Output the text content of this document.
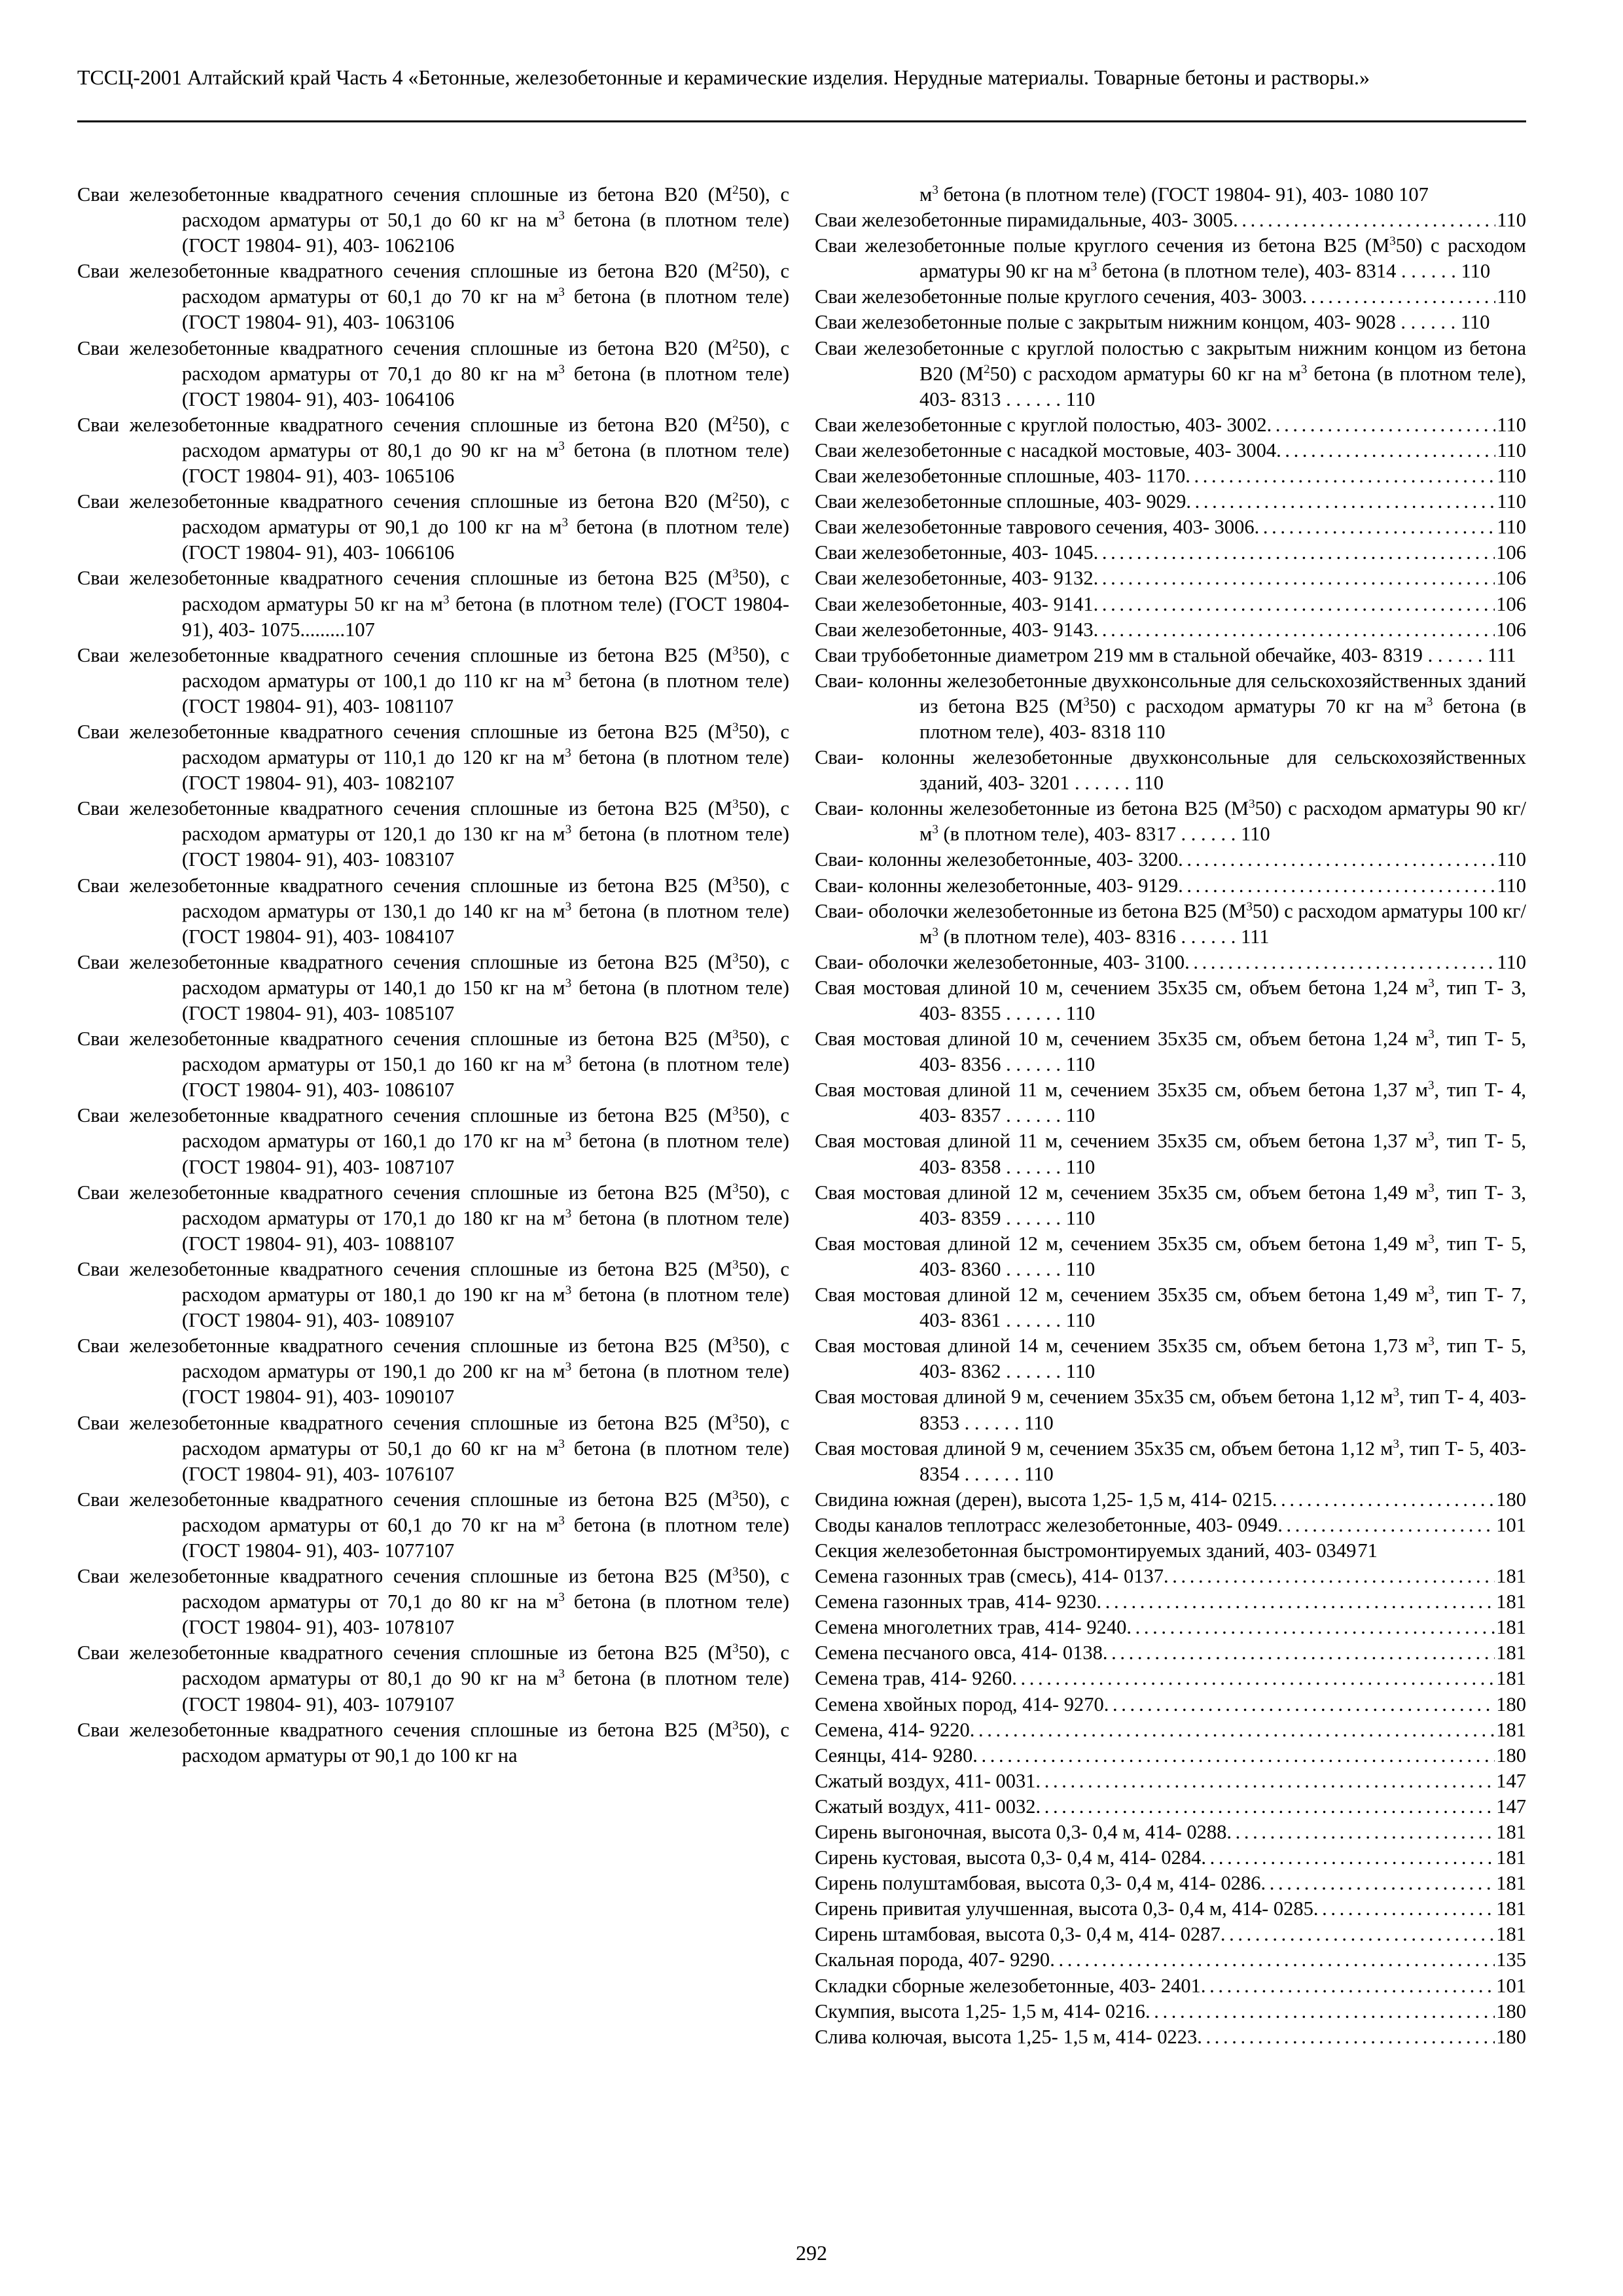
ТССЦ-2001 Алтайский край Часть 4 «Бетонные, железобетонные и керамические изделия. Нерудные материалы. Товарные бетоны и растворы.»
Сваи железобетонные квадратного сечения сплошные из бетона В20 $(М^250)$, с расходом арматуры от 50,1 до 60 кг на $м^3$ бетона (в плотном теле) (ГОСТ 19804- 91), 403- 1062106
Сваи железобетонные квадратного сечения сплошные из бетона В20 $(М^250)$, с расходом арматуры от 60,1 до 70 кг на $м^3$ бетона (в плотном теле) (ГОСТ 19804- 91), 403- 1063106
Сваи железобетонные квадратного сечения сплошные из бетона В20 $(М^250)$, с расходом арматуры от 70,1 до 80 кг на $м^3$ бетона (в плотном теле) (ГОСТ 19804- 91), 403- 1064106
Сваи железобетонные квадратного сечения сплошные из бетона В20 $(М^250)$, с расходом арматуры от 80,1 до 90 кг на $м^3$ бетона (в плотном теле) (ГОСТ 19804- 91), 403- 1065106
Сваи железобетонные квадратного сечения сплошные из бетона В20 $(М^250)$, с расходом арматуры от 90,1 до 100 кг на $м^3$ бетона (в плотном теле) (ГОСТ 19804- 91), 403- 1066106
Сваи железобетонные квадратного сечения сплошные из бетона В25 $(М^350)$, с расходом арматуры 50 кг на $м^3$ бетона (в плотном теле) (ГОСТ 19804- 91), 403- 1075.........107
Сваи железобетонные квадратного сечения сплошные из бетона В25 $(М^350)$, с расходом арматуры от 100,1 до 110 кг на $м^3$ бетона (в плотном теле) (ГОСТ 19804- 91), 403- 1081107
Сваи железобетонные квадратного сечения сплошные из бетона В25 $(М^350)$, с расходом арматуры от 110,1 до 120 кг на $м^3$ бетона (в плотном теле) (ГОСТ 19804- 91), 403- 1082107
Сваи железобетонные квадратного сечения сплошные из бетона В25 $(М^350)$, с расходом арматуры от 120,1 до 130 кг на $м^3$ бетона (в плотном теле) (ГОСТ 19804- 91), 403- 1083107
Сваи железобетонные квадратного сечения сплошные из бетона В25 $(М^350)$, с расходом арматуры от 130,1 до 140 кг на $м^3$ бетона (в плотном теле) (ГОСТ 19804- 91), 403- 1084107
Сваи железобетонные квадратного сечения сплошные из бетона В25 $(М^350)$, с расходом арматуры от 140,1 до 150 кг на $м^3$ бетона (в плотном теле) (ГОСТ 19804- 91), 403- 1085107
Сваи железобетонные квадратного сечения сплошные из бетона В25 $(М^350)$, с расходом арматуры от 150,1 до 160 кг на $м^3$ бетона (в плотном теле) (ГОСТ 19804- 91), 403- 1086107
Сваи железобетонные квадратного сечения сплошные из бетона В25 $(М^350)$, с расходом арматуры от 160,1 до 170 кг на $м^3$ бетона (в плотном теле) (ГОСТ 19804- 91), 403- 1087107
Сваи железобетонные квадратного сечения сплошные из бетона В25 $(М^350)$, с расходом арматуры от 170,1 до 180 кг на $м^3$ бетона (в плотном теле) (ГОСТ 19804- 91), 403- 1088107
Сваи железобетонные квадратного сечения сплошные из бетона В25 $(М^350)$, с расходом арматуры от 180,1 до 190 кг на $м^3$ бетона (в плотном теле) (ГОСТ 19804- 91), 403- 1089107
Сваи железобетонные квадратного сечения сплошные из бетона В25 $(М^350)$, с расходом арматуры от 190,1 до 200 кг на $м^3$ бетона (в плотном теле) (ГОСТ 19804- 91), 403- 1090107
Сваи железобетонные квадратного сечения сплошные из бетона В25 $(М^350)$, с расходом арматуры от 50,1 до 60 кг на $м^3$ бетона (в плотном теле) (ГОСТ 19804- 91), 403- 1076107
Сваи железобетонные квадратного сечения сплошные из бетона В25 $(М^350)$, с расходом арматуры от 60,1 до 70 кг на $м^3$ бетона (в плотном теле) (ГОСТ 19804- 91), 403- 1077107
Сваи железобетонные квадратного сечения сплошные из бетона В25 $(М^350)$, с расходом арматуры от 70,1 до 80 кг на $м^3$ бетона (в плотном теле) (ГОСТ 19804- 91), 403- 1078107
Сваи железобетонные квадратного сечения сплошные из бетона В25 $(М^350)$, с расходом арматуры от 80,1 до 90 кг на $м^3$ бетона (в плотном теле) (ГОСТ 19804- 91), 403- 1079107
Сваи железобетонные квадратного сечения сплошные из бетона В25 $(М^350)$, с расходом арматуры от 90,1 до 100 кг на
$м^3$ бетона (в плотном теле) (ГОСТ 19804- 91), 403- 1080 107
Сваи железобетонные пирамидальные, 403- 3005 . . .	110
Сваи железобетонные полые круглого сечения из бетона В25 $(М^350)$ с расходом арматуры 90 кг на $м^3$ бетона (в плотном теле), 403- 8314 . . . . . . 110
Сваи железобетонные полые круглого сечения, 403- 3003 . . .	110
Сваи железобетонные полые с закрытым нижним концом, 403- 9028 . . . . . . 110
Сваи железобетонные с круглой полостью с закрытым нижним концом из бетона В20 $(М^250)$ с расходом арматуры 60 кг на $м^3$ бетона (в плотном теле), 403- 8313 . . . . . . 110
Сваи железобетонные с круглой полостью, 403- 3002 . . .	110
Сваи железобетонные с насадкой мостовые, 403- 3004 . . .	110
Сваи железобетонные сплошные, 403- 1170 . . .	110
Сваи железобетонные сплошные, 403- 9029 . . .	110
Сваи железобетонные таврового сечения, 403- 3006 . . .	110
Сваи железобетонные, 403- 1045 . . .	106
Сваи железобетонные, 403- 9132 . . .	106
Сваи железобетонные, 403- 9141 . . .	106
Сваи железобетонные, 403- 9143 . . .	106
Сваи трубобетонные диаметром 219 мм в стальной обечайке, 403- 8319 . . . . . . 111
Сваи- колонны железобетонные двухконсольные для сельскохозяйственных зданий из бетона В25 $(М^350)$ с расходом арматуры 70 кг на $м^3$ бетона (в плотном теле), 403- 8318 110
Сваи- колонны железобетонные двухконсольные для сельскохозяйственных зданий, 403- 3201 . . . . . . 110
Сваи- колонны железобетонные из бетона В25 $(М^350)$ с расходом арматуры 90 $кг/м^3$ (в плотном теле), 403- 8317 . . . . . . 110
Сваи- колонны железобетонные, 403- 3200 . . .	110
Сваи- колонны железобетонные, 403- 9129 . . .	110
Сваи- оболочки железобетонные из бетона В25 $(М^350)$ с расходом арматуры 100 $кг/м^3$ (в плотном теле), 403- 8316 . . . . . . 111
Сваи- оболочки железобетонные, 403- 3100 . . .	110
Свая мостовая длиной 10 м, сечением 35х35 см, объем бетона 1,24 $м^3$, тип Т- 3, 403- 8355 . . . . . . 110
Свая мостовая длиной 10 м, сечением 35х35 см, объем бетона 1,24 $м^3$, тип Т- 5, 403- 8356 . . . . . . 110
Свая мостовая длиной 11 м, сечением 35х35 см, объем бетона 1,37 $м^3$, тип Т- 4, 403- 8357 . . . . . . 110
Свая мостовая длиной 11 м, сечением 35х35 см, объем бетона 1,37 $м^3$, тип Т- 5, 403- 8358 . . . . . . 110
Свая мостовая длиной 12 м, сечением 35х35 см, объем бетона 1,49 $м^3$, тип Т- 3, 403- 8359 . . . . . . 110
Свая мостовая длиной 12 м, сечением 35х35 см, объем бетона 1,49 $м^3$, тип Т- 5, 403- 8360 . . . . . . 110
Свая мостовая длиной 12 м, сечением 35х35 см, объем бетона 1,49 $м^3$, тип Т- 7, 403- 8361 . . . . . . 110
Свая мостовая длиной 14 м, сечением 35х35 см, объем бетона 1,73 $м^3$, тип Т- 5, 403- 8362 . . . . . . 110
Свая мостовая длиной 9 м, сечением 35х35 см, объем бетона 1,12 $м^3$, тип Т- 4, 403- 8353 . . . . . . 110
Свая мостовая длиной 9 м, сечением 35х35 см, объем бетона 1,12 $м^3$, тип Т- 5, 403- 8354 . . . . . . 110
Свидина южная (дерен), высота 1,25- 1,5 м, 414- 0215 . . .	180
Своды каналов теплотрасс железобетонные, 403- 0949 . . .	101
Секция железобетонная быстромонтируемых зданий, 403- 0349 71
Семена газонных трав (смесь), 414- 0137 . . .	181
Семена газонных трав, 414- 9230 . . .	181
Семена многолетних трав, 414- 9240 . . .	181
Семена песчаного овса, 414- 0138 . . .	181
Семена трав, 414- 9260 . . .	181
Семена хвойных пород, 414- 9270 . . .	180
Семена, 414- 9220 . . .	181
Сеянцы, 414- 9280 . . .	180
Сжатый воздух, 411- 0031 . . .	147
Сжатый воздух, 411- 0032 . . .	147
Сирень выгоночная, высота 0,3- 0,4 м, 414- 0288 . . .	181
Сирень кустовая, высота 0,3- 0,4 м, 414- 0284 . . .	181
Сирень полуштамбовая, высота 0,3- 0,4 м, 414- 0286 . . .	181
Сирень привитая улучшенная, высота 0,3- 0,4 м, 414- 0285 . . .	181
Сирень штамбовая, высота 0,3- 0,4 м, 414- 0287 . . .	181
Скальная порода, 407- 9290 . . .	135
Складки сборные железобетонные, 403- 2401 . . .	101
Скумпия, высота 1,25- 1,5 м, 414- 0216 . . .	180
Слива колючая, высота 1,25- 1,5 м, 414- 0223 . . .	180
292
